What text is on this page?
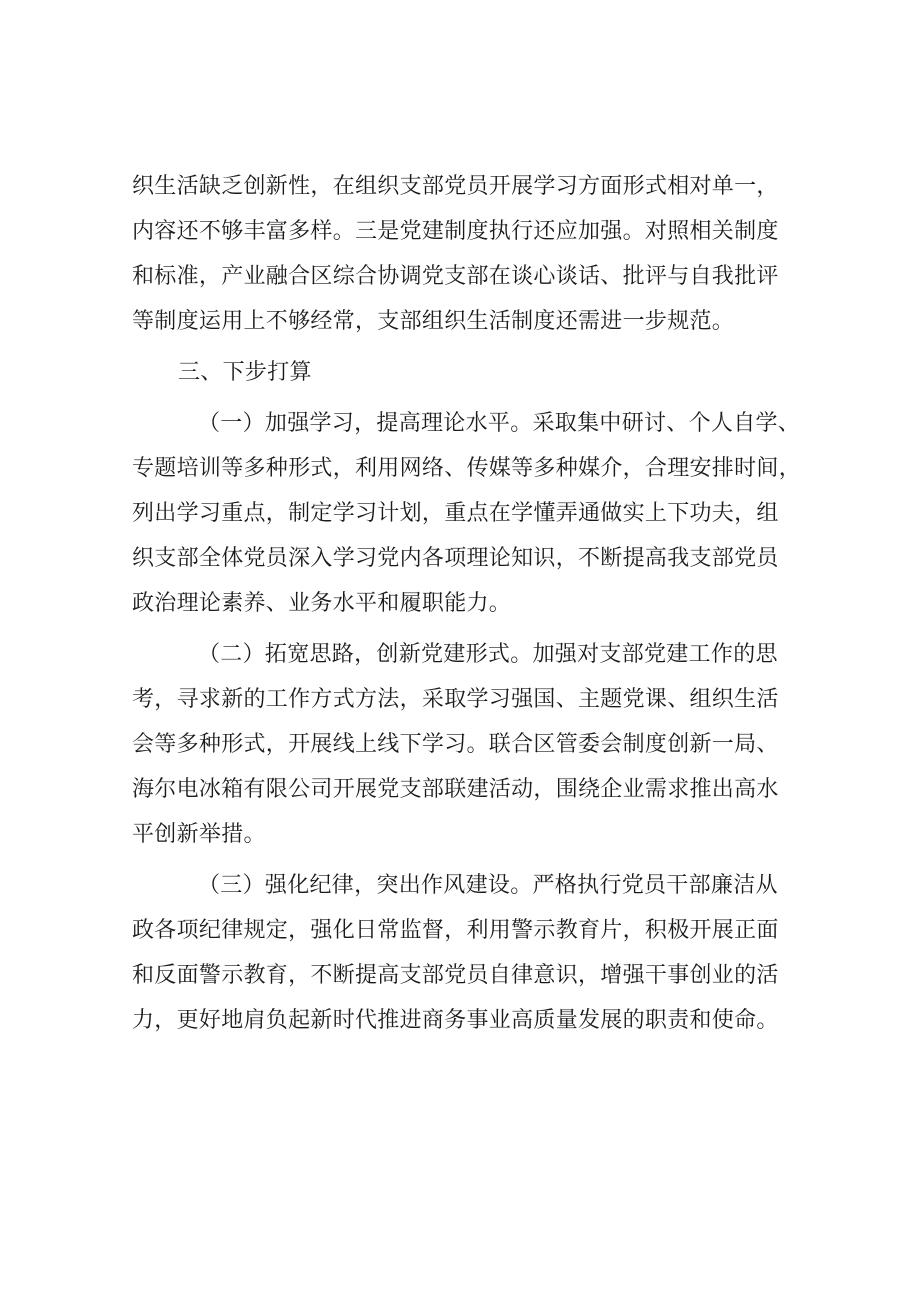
织生活缺乏创新性，在组织支部党员开展学习方面形式相对单一，
内容还不够丰富多样。三是党建制度执行还应加强。对照相关制度
和标准，产业融合区综合协调党支部在谈心谈话、批评与自我批评
等制度运用上不够经常，支部组织生活制度还需进一步规范。

三、下步打算

（一）加强学习，提高理论水平。采取集中研讨、个人自学、
专题培训等多种形式，利用网络、传媒等多种媒介，合理安排时间，
列出学习重点，制定学习计划，重点在学懂弄通做实上下功夫，组
织支部全体党员深入学习党内各项理论知识，不断提高我支部党员
政治理论素养、业务水平和履职能力。

（二）拓宽思路，创新党建形式。加强对支部党建工作的思
考，寻求新的工作方式方法，采取学习强国、主题党课、组织生活
会等多种形式，开展线上线下学习。联合区管委会制度创新一局、
海尔电冰箱有限公司开展党支部联建活动，围绕企业需求推出高水
平创新举措。

（三）强化纪律，突出作风建设。严格执行党员干部廉洁从
政各项纪律规定，强化日常监督，利用警示教育片，积极开展正面
和反面警示教育，不断提高支部党员自律意识，增强干事创业的活
力，更好地肩负起新时代推进商务事业高质量发展的职责和使命。
